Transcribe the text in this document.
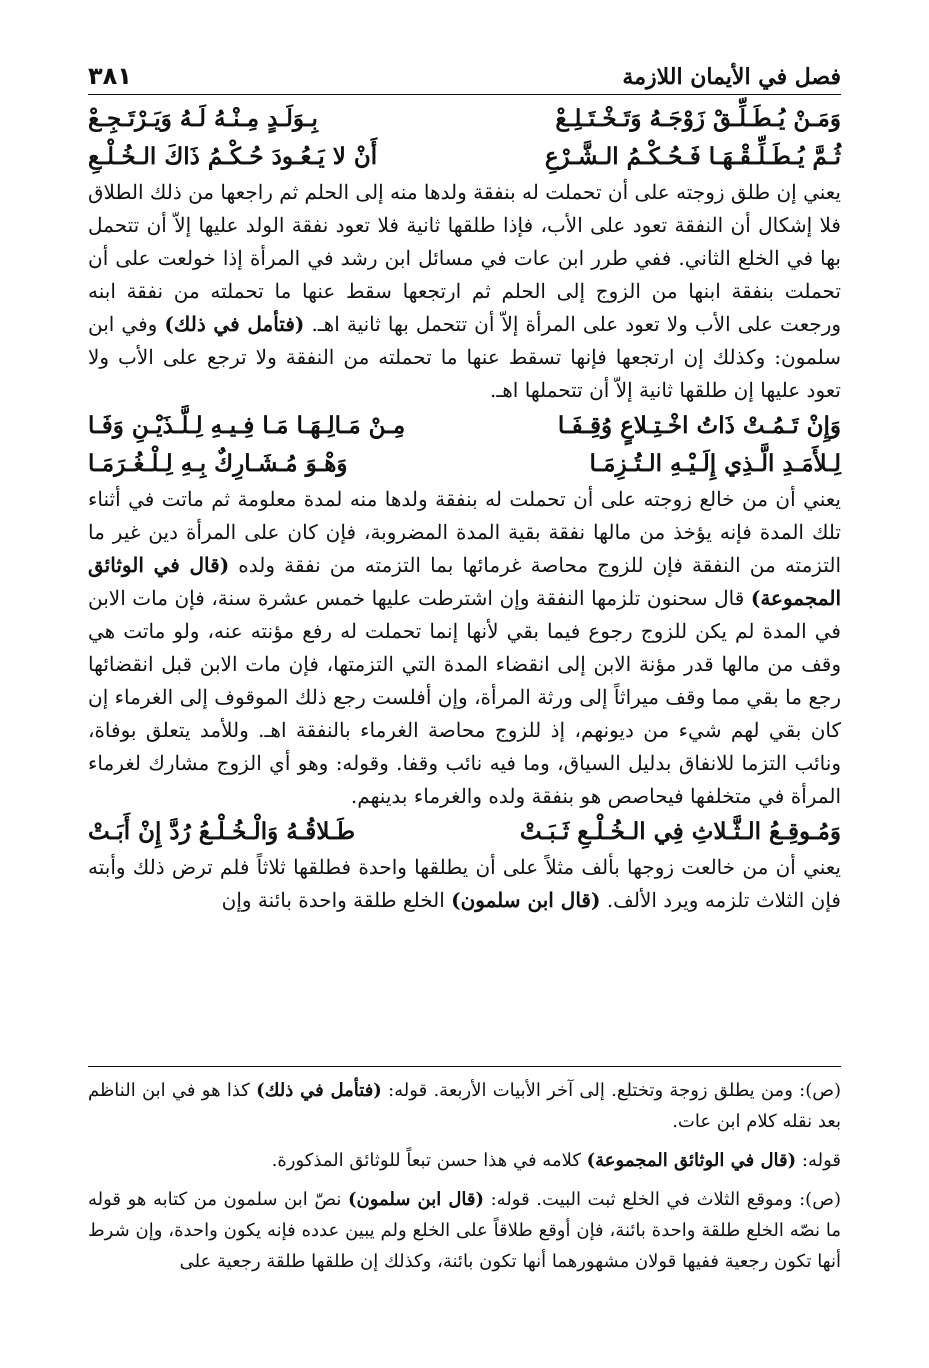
فصل في الأيمان اللازمة
٣٨١
وَمَـنْ يُـطَـلِّـقْ زَوْجَـهُ وَتَـخْـتَـلِـعْ
بِـوَلَـدٍ مِـنْـهُ لَـهُ وَيَـرْتَـجِـعْ
ثُـمَّ يُـطَـلِّـقْـهَـا فَـحُـكْـمُ الـشَّـرْعِ
أَنْ لا يَـعُـودَ حُـكْـمُ ذَاكَ الـخُـلْـعِ

يعني إن طلق زوجته على أن تحملت له بنفقة ولدها منه إلى الحلم ثم راجعها من ذلك الطلاق فلا إشكال أن النفقة تعود على الأب، فإذا طلقها ثانية فلا تعود نفقة الولد عليها إلاّ أن تتحمل بها في الخلع الثاني. ففي طرر ابن عات في مسائل ابن رشد في المرأة إذا خولعت على أن تحملت بنفقة ابنها من الزوج إلى الحلم ثم ارتجعها سقط عنها ما تحملته من نفقة ابنه ورجعت على الأب ولا تعود على المرأة إلاّ أن تتحمل بها ثانية اهـ. (فتأمل في ذلك) وفي ابن سلمون: وكذلك إن ارتجعها فإنها تسقط عنها ما تحملته من النفقة ولا ترجع على الأب ولا تعود عليها إن طلقها ثانية إلاّ أن تتحملها اهـ.

وَإِنْ تَـمُـتْ ذَاتُ اخْـتِـلاعٍ وُقِـفَـا
مِـنْ مَـالِـهَـا مَـا فِـيـهِ لِـلَّـذَيْـنِ وَفَـا
لِـلأَمَـدِ الَّـذِي إِلَـيْـهِ الـتُـزِمَـا
وَهْـوَ مُـشَـارِكٌ بِـهِ لِـلْـغُـرَمَـا

يعني أن من خالع زوجته على أن تحملت له بنفقة ولدها منه لمدة معلومة ثم ماتت في أثناء تلك المدة فإنه يؤخذ من مالها نفقة بقية المدة المضروبة، فإن كان على المرأة دين غير ما التزمته من النفقة فإن للزوج محاصة غرمائها بما التزمته من نفقة ولده (قال في الوثائق المجموعة) قال سحنون تلزمها النفقة وإن اشترطت عليها خمس عشرة سنة، فإن مات الابن في المدة لم يكن للزوج رجوع فيما بقي لأنها إنما تحملت له رفع مؤنته عنه، ولو ماتت هي وقف من مالها قدر مؤنة الابن إلى انقضاء المدة التي التزمتها، فإن مات الابن قبل انقضائها رجع ما بقي مما وقف ميراثاً إلى ورثة المرأة، وإن أفلست رجع ذلك الموقوف إلى الغرماء إن كان بقي لهم شيء من ديونهم، إذ للزوج محاصة الغرماء بالنفقة اهـ. وللأمد يتعلق بوفاة، ونائب التزما للانفاق بدليل السياق، وما فيه نائب وقفا. وقوله: وهو أي الزوج مشارك لغرماء المرأة في متخلفها فيحاصص هو بنفقة ولده والغرماء بدينهم.

وَمُـوقِـعُ الـثَّـلاثِ فِي الـخُـلْـعِ ثَـبَـتْ
طَـلاقُـهُ وَالْـخُـلْـعُ رُدَّ إِنْ أَبَـتْ

يعني أن من خالعت زوجها بألف مثلاً على أن يطلقها واحدة فطلقها ثلاثاً فلم ترض ذلك وأبته فإن الثلاث تلزمه ويرد الألف. (قال ابن سلمون) الخلع طلقة واحدة بائنة وإن

(ص): ومن يطلق زوجة وتختلع. إلى آخر الأبيات الأربعة. قوله: (فتأمل في ذلك) كذا هو في ابن الناظم بعد نقله كلام ابن عات.

قوله: (قال في الوثائق المجموعة) كلامه في هذا حسن تبعاً للوثائق المذكورة.

(ص): وموقع الثلاث في الخلع ثبت البيت. قوله: (قال ابن سلمون) نصّ ابن سلمون من كتابه هو قوله ما نصّه الخلع طلقة واحدة بائنة، فإن أوقع طلاقاً على الخلع ولم يبين عدده فإنه يكون واحدة، وإن شرط أنها تكون رجعية ففيها قولان مشهورهما أنها تكون بائنة، وكذلك إن طلقها طلقة رجعية على
